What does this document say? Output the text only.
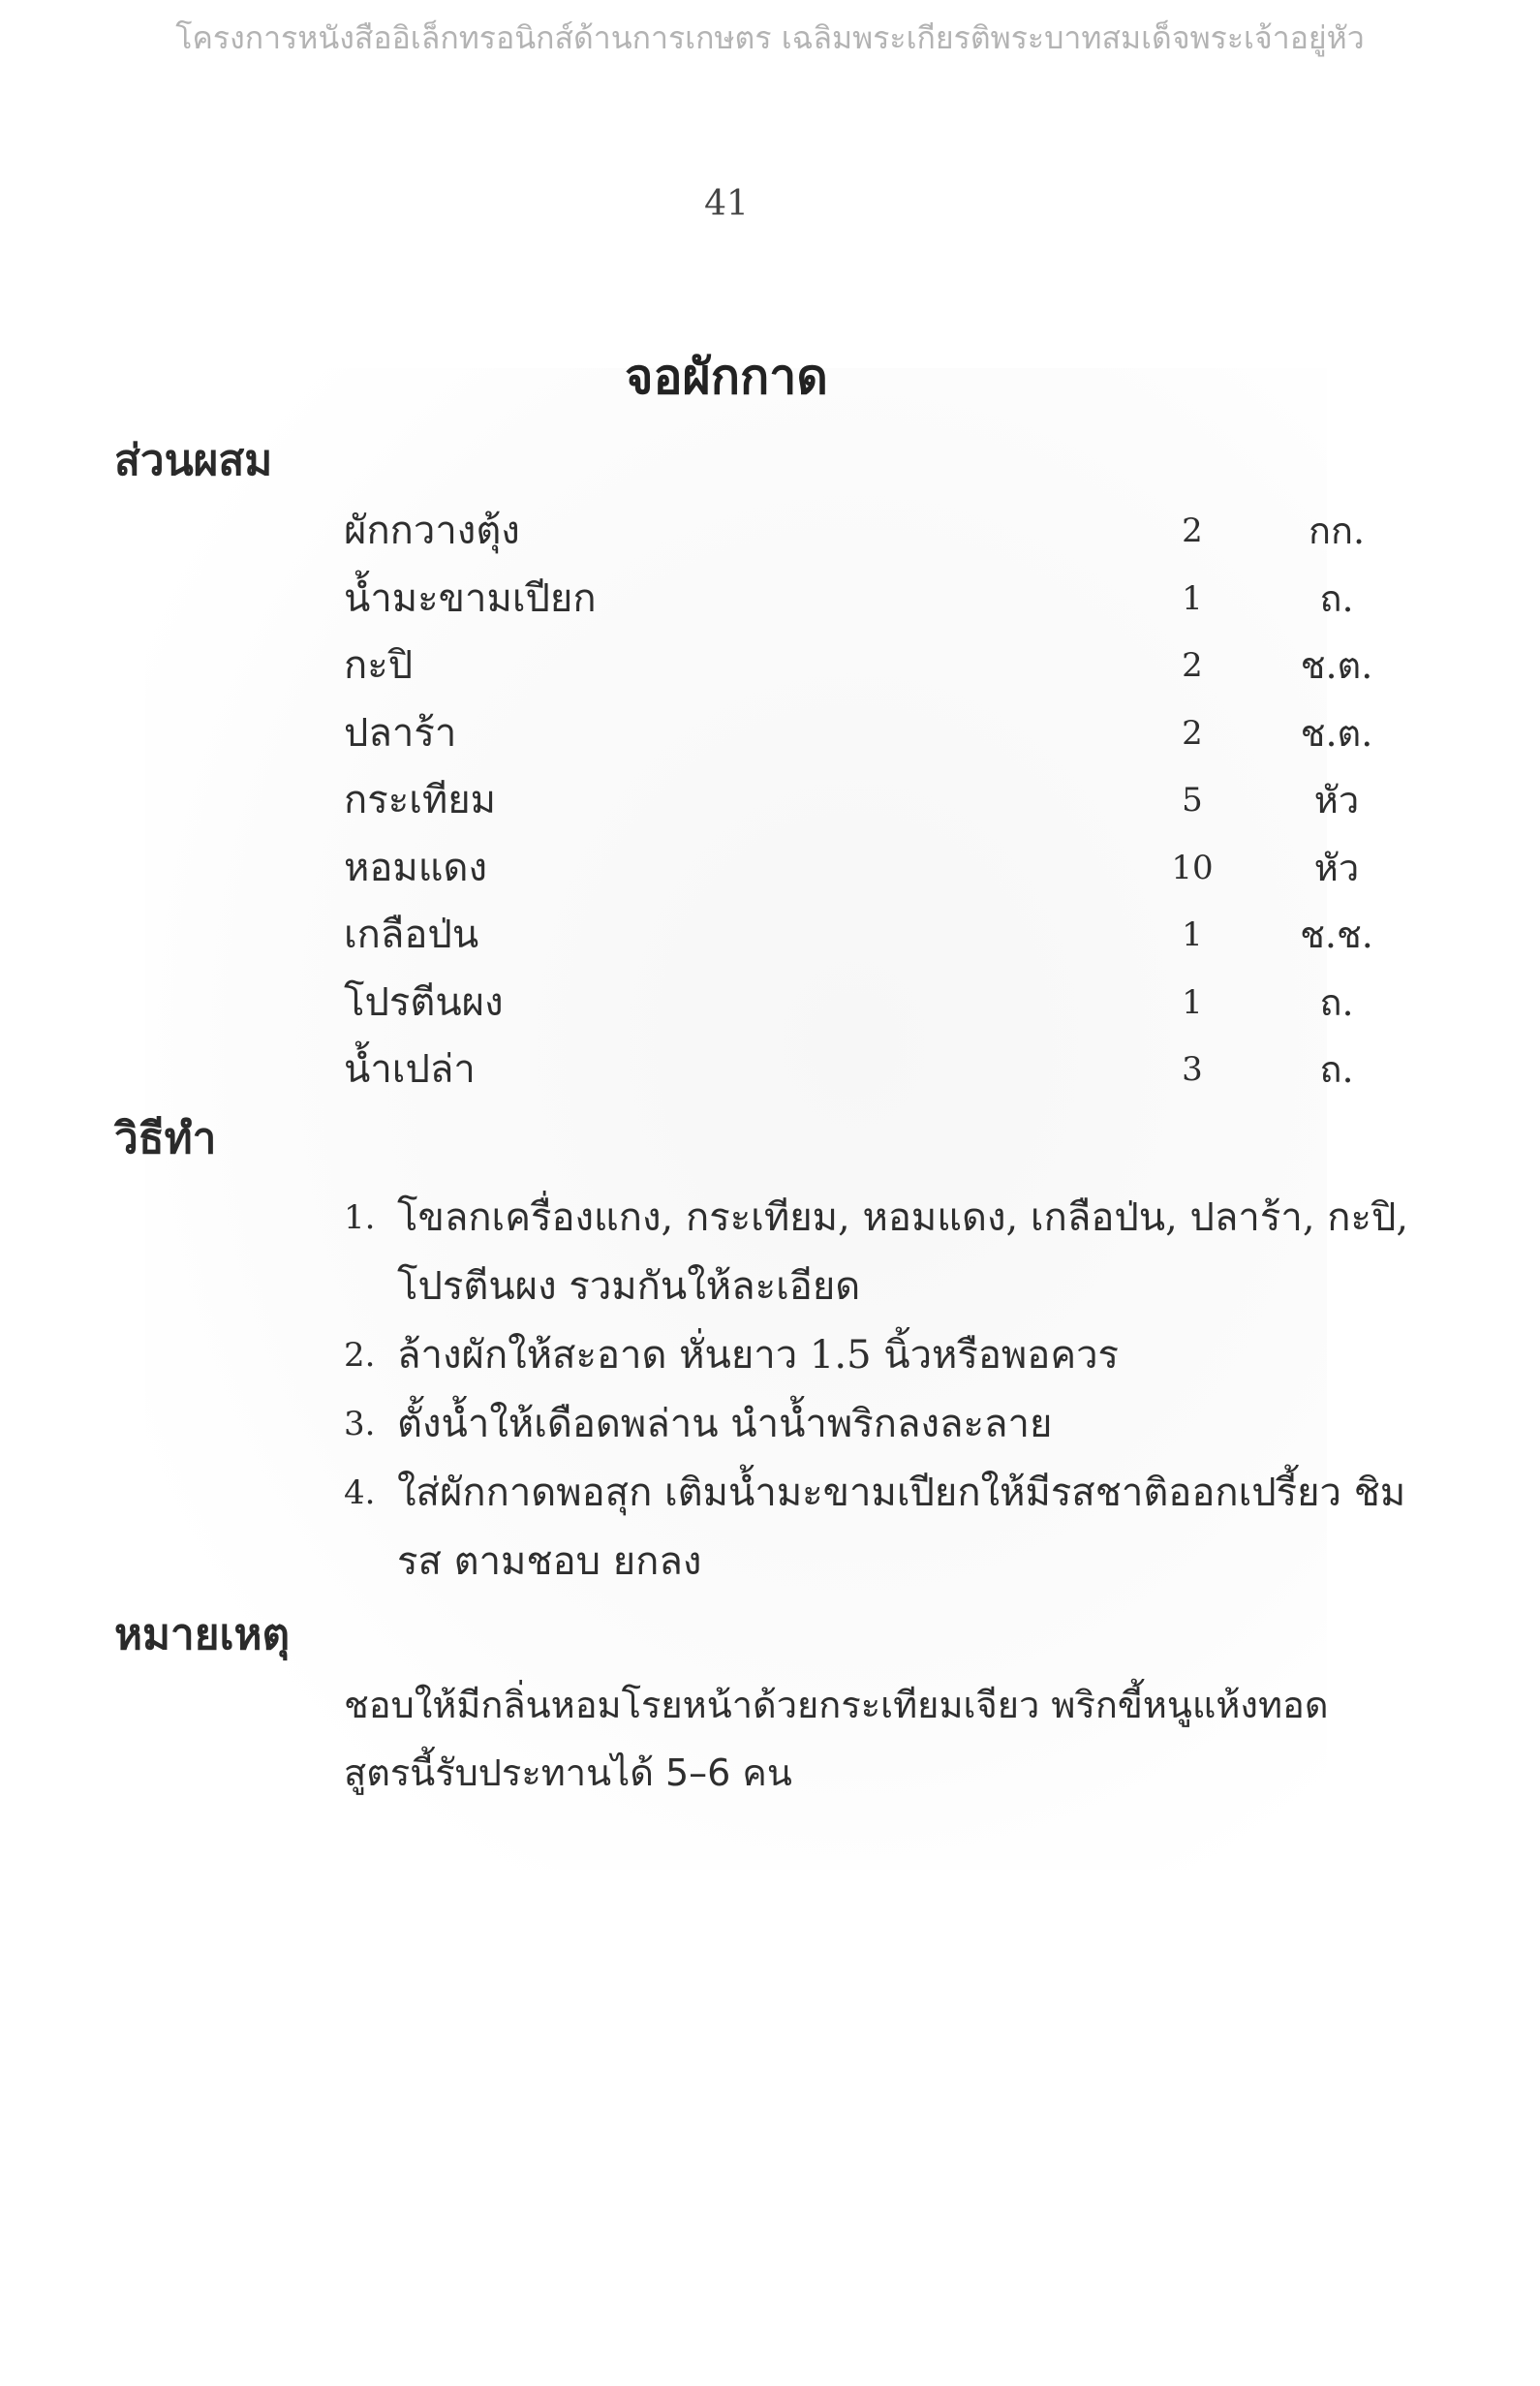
โครงการหนังสืออิเล็กทรอนิกส์ด้านการเกษตร เฉลิมพระเกียรติพระบาทสมเด็จพระเจ้าอยู่หัว
41
จอผักกาด
ส่วนผสม
ผักกวางตุ้ง	2	กก.
น้ำมะขามเปียก	1	ถ.
กะปิ	2	ช.ต.
ปลาร้า	2	ช.ต.
กระเทียม	5	หัว
หอมแดง	10	หัว
เกลือป่น	1	ช.ช.
โปรตีนผง	1	ถ.
น้ำเปล่า	3	ถ.
วิธีทำ
1. โขลกเครื่องแกง, กระเทียม, หอมแดง, เกลือป่น, ปลาร้า, กะปิ, โปรตีนผง รวมกันให้ละเอียด
2. ล้างผักให้สะอาด หั่นยาว 1.5 นิ้วหรือพอควร
3. ตั้งน้ำให้เดือดพล่าน นำน้ำพริกลงละลาย
4. ใส่ผักกาดพอสุก เติมน้ำมะขามเปียกให้มีรสชาติออกเปรี้ยว ชิมรส ตามชอบ ยกลง
หมายเหตุ
ชอบให้มีกลิ่นหอมโรยหน้าด้วยกระเทียมเจียว พริกขี้หนูแห้งทอด
สูตรนี้รับประทานได้ 5–6 คน
